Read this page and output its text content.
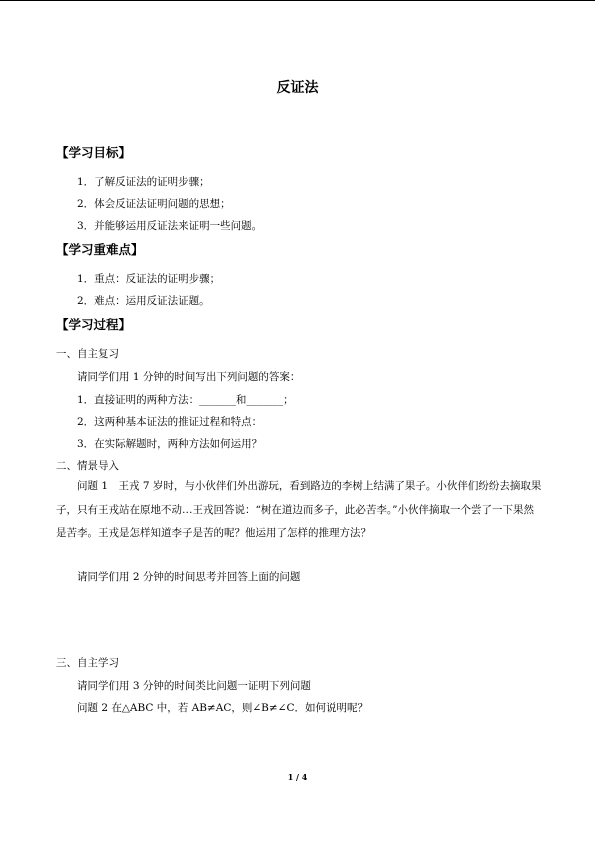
反证法
【学习目标】
1．了解反证法的证明步骤；
2．体会反证法证明问题的思想；
3．并能够运用反证法来证明一些问题。
【学习重难点】
1．重点：反证法的证明步骤；
2．难点：运用反证法证题。
【学习过程】
一、自主复习
请同学们用 1 分钟的时间写出下列问题的答案：
1．直接证明的两种方法：_______和_______；
2．这两种基本证法的推证过程和特点：
3．在实际解题时，两种方法如何运用？
二、情景导入
问题 1　王戎 7 岁时，与小伙伴们外出游玩，看到路边的李树上结满了果子。小伙伴们纷纷去摘取果子，只有王戎站在原地不动…王戎回答说：“树在道边而多子，此必苦李。”小伙伴摘取一个尝了一下果然是苦李。王戎是怎样知道李子是苦的呢？他运用了怎样的推理方法？
请同学们用 2 分钟的时间思考并回答上面的问题
三、自主学习
请同学们用 3 分钟的时间类比问题一证明下列问题
问题 2 在△ABC 中，若 AB≠AC，则∠B≠∠C．如何说明呢？
1 / 4
